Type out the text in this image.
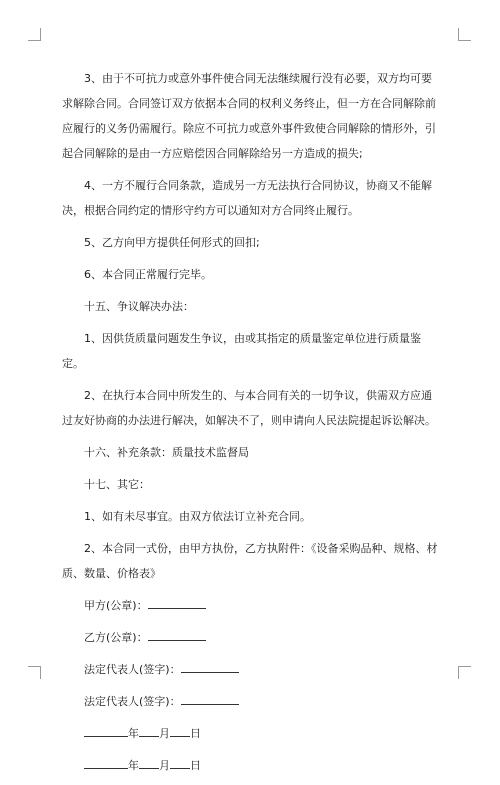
3、由于不可抗力或意外事件使合同无法继续履行没有必要，双方均可要求解除合同。合同签订双方依据本合同的权利义务终止，但一方在合同解除前应履行的义务仍需履行。除应不可抗力或意外事件致使合同解除的情形外，引起合同解除的是由一方应赔偿因合同解除给另一方造成的损失;

4、一方不履行合同条款，造成另一方无法执行合同协议，协商又不能解决，根据合同约定的情形守约方可以通知对方合同终止履行。

5、乙方向甲方提供任何形式的回扣;

6、本合同正常履行完毕。

十五、争议解决办法：

1、因供货质量问题发生争议，由或其指定的质量鉴定单位进行质量鉴定。

2、在执行本合同中所发生的、与本合同有关的一切争议，供需双方应通过友好协商的办法进行解决，如解决不了，则申请向人民法院提起诉讼解决。

十六、补充条款：质量技术监督局

十七、其它：

1、如有未尽事宜。由双方依法订立补充合同。

2、本合同一式份，由甲方执份，乙方执附件：《设备采购品种、规格、材质、数量、价格表》

甲方(公章)：

乙方(公章)：

法定代表人(签字)：

法定代表人(签字)：

年 月 日

年 月 日
